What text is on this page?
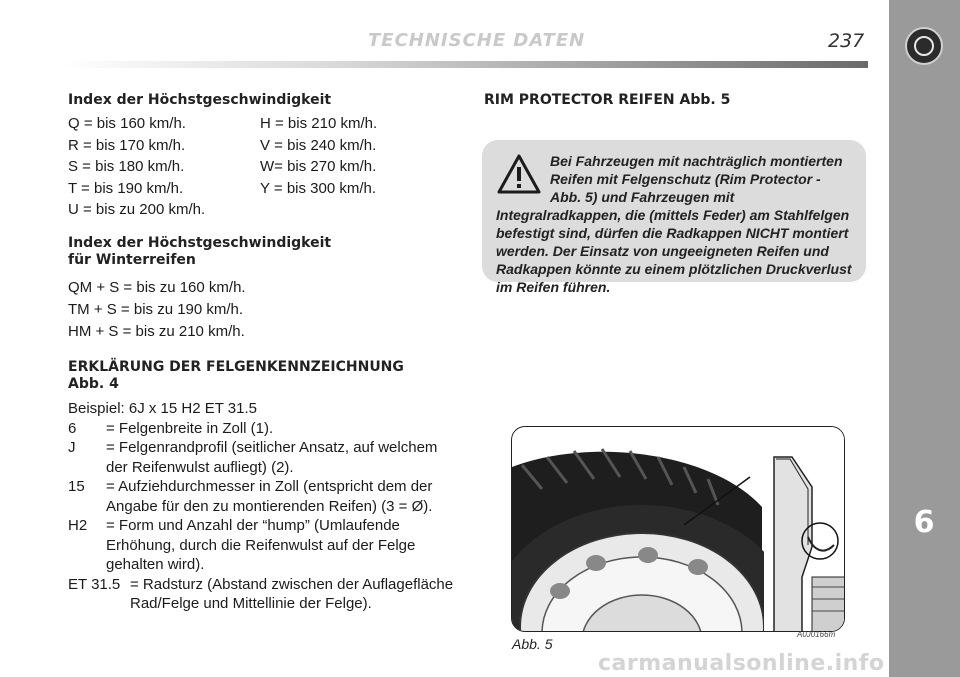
TECHNISCHE DATEN	237
6

Index der Höchstgeschwindigkeit

Q = bis 160 km/h.	H = bis 210 km/h.
R = bis 170 km/h.	V = bis 240 km/h.
S = bis 180 km/h.	W= bis 270 km/h.
T = bis 190 km/h.	Y = bis 300 km/h.
U = bis zu 200 km/h.

Index der Höchstgeschwindigkeit

für Winterreifen

QM + S = bis zu 160 km/h.
TM + S = bis zu 190 km/h.
HM + S = bis zu 210 km/h.

ERKLÄRUNG DER FELGENKENNZEICHNUNG

Abb. 4

Beispiel: 6J x 15 H2 ET 31.5
6	= Felgenbreite in Zoll (1).
J	= Felgenrandprofil (seitlicher Ansatz, auf welchem der Reifenwulst aufliegt) (2).
15	= Aufziehdurchmesser in Zoll (entspricht dem der Angabe für den zu montierenden Reifen) (3 = Ø).
H2	= Form und Anzahl der “hump” (Umlaufende Erhöhung, durch die Reifenwulst auf der Felge gehalten wird).
ET 31.5 = Radsturz (Abstand zwischen der Auflagefläche Rad/Felge und Mittellinie der Felge).
RIM PROTECTOR REIFEN Abb. 5

Bei Fahrzeugen mit nachträglich montierten Reifen mit Felgenschutz (Rim Protector - Abb. 5) und Fahrzeugen mit Integralradkappen, die (mittels Feder) am Stahlfelgen befestigt sind, dürfen die Radkappen NICHT montiert werden. Der Einsatz von ungeeigneten Reifen und Radkappen könnte zu einem plötzlichen Druckverlust im Reifen führen.

Abb. 5
A0J0166m
carmanualsonline.info
